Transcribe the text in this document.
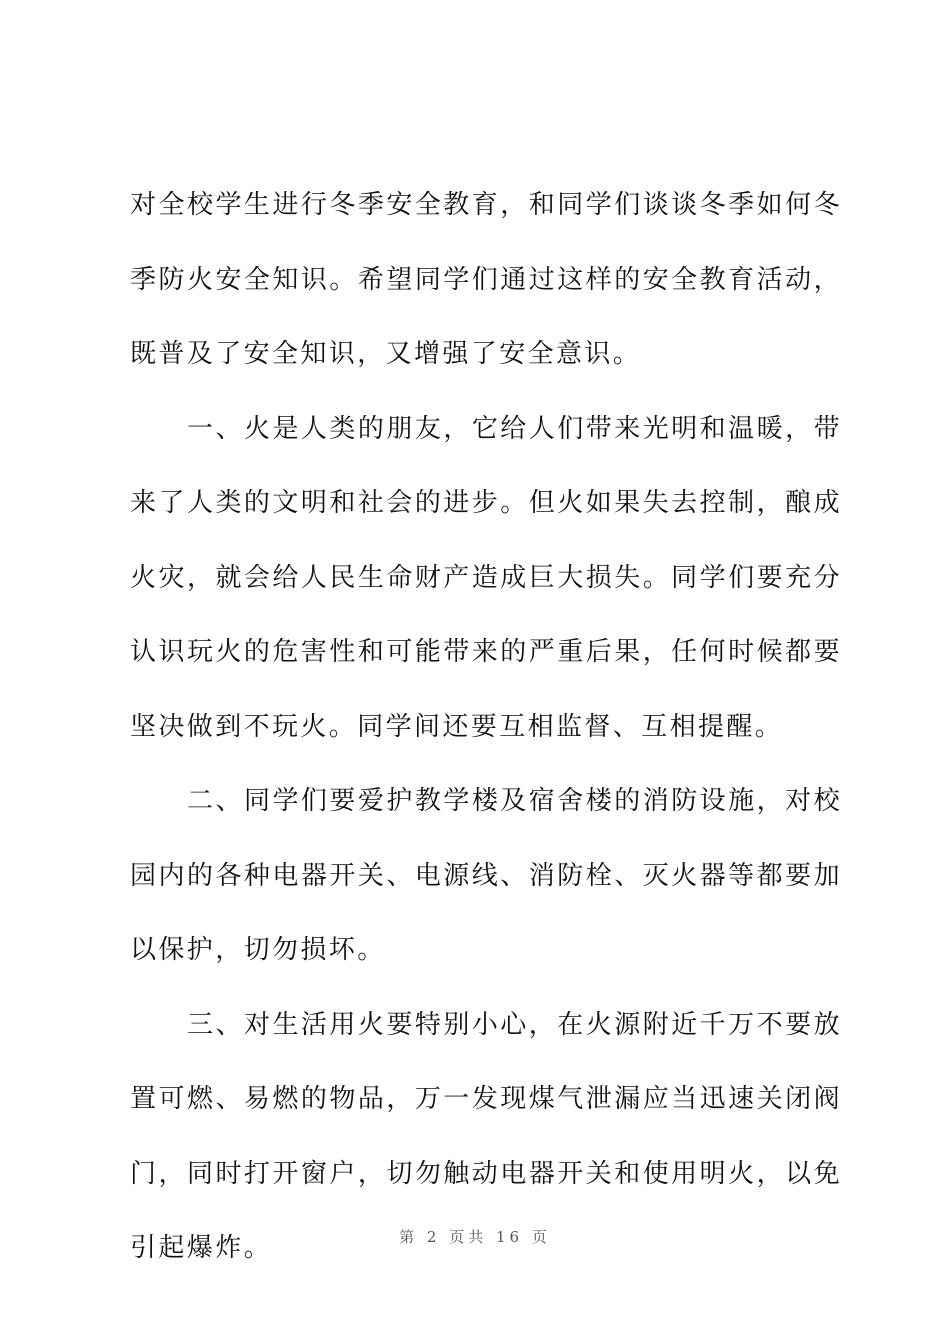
对全校学生进行冬季安全教育，和同学们谈谈冬季如何冬季防火安全知识。希望同学们通过这样的安全教育活动，既普及了安全知识，又增强了安全意识。

一、火是人类的朋友，它给人们带来光明和温暖，带来了人类的文明和社会的进步。但火如果失去控制，酿成火灾，就会给人民生命财产造成巨大损失。同学们要充分认识玩火的危害性和可能带来的严重后果，任何时候都要坚决做到不玩火。同学间还要互相监督、互相提醒。

二、同学们要爱护教学楼及宿舍楼的消防设施，对校园内的各种电器开关、电源线、消防栓、灭火器等都要加以保护，切勿损坏。

三、对生活用火要特别小心，在火源附近千万不要放置可燃、易燃的物品，万一发现煤气泄漏应当迅速关闭阀门，同时打开窗户，切勿触动电器开关和使用明火，以免引起爆炸。	第 2 页共 16 页
